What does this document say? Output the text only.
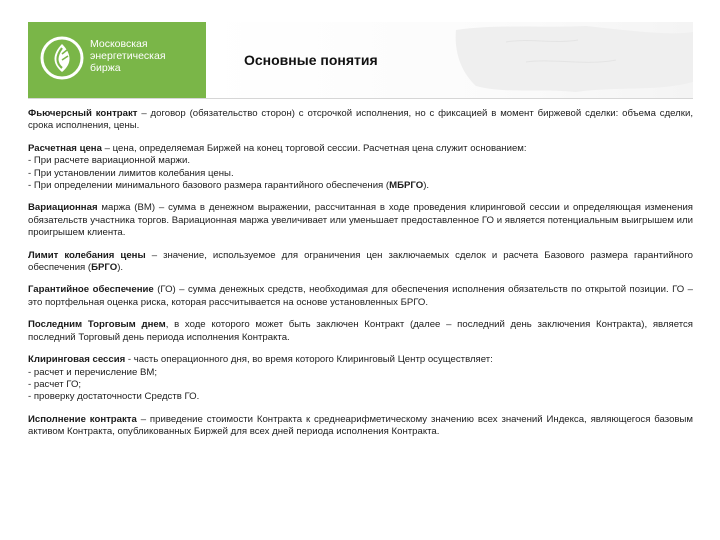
Московская
энергетическая
биржа	Основные понятия

Фьючерсный контракт – договор (обязательство сторон) с отсрочкой исполнения, но с фиксацией в момент биржевой сделки: объема сделки, срока исполнения, цены.

Расчетная цена – цена, определяемая Биржей на конец торговой сессии. Расчетная цена служит основанием:
- При расчете вариационной маржи.
- При установлении лимитов колебания цены.
- При определении минимального базового размера гарантийного обеспечения (МБРГО).

Вариационная маржа (ВМ) – сумма в денежном выражении, рассчитанная в ходе проведения клиринговой сессии и определяющая изменения обязательств участника торгов. Вариационная маржа увеличивает или уменьшает предоставленное ГО и является потенциальным выигрышем или проигрышем клиента.

Лимит колебания цены – значение, используемое для ограничения цен заключаемых сделок и расчета Базового размера гарантийного обеспечения (БРГО).

Гарантийное обеспечение (ГО) – сумма денежных средств, необходимая для обеспечения исполнения обязательств по открытой позиции. ГО – это портфельная оценка риска, которая рассчитывается на основе установленных БРГО.

Последним Торговым днем, в ходе которого может быть заключен Контракт (далее – последний день заключения Контракта), является последний Торговый день периода исполнения Контракта.

Клиринговая сессия - часть операционного дня, во время которого Клиринговый Центр осуществляет:
- расчет и перечисление ВМ;
- расчет ГО;
- проверку достаточности Средств ГО.

Исполнение контракта – приведение стоимости Контракта к среднеарифметическому значению всех значений Индекса, являющегося базовым активом Контракта, опубликованных Биржей для всех дней периода исполнения Контракта.
